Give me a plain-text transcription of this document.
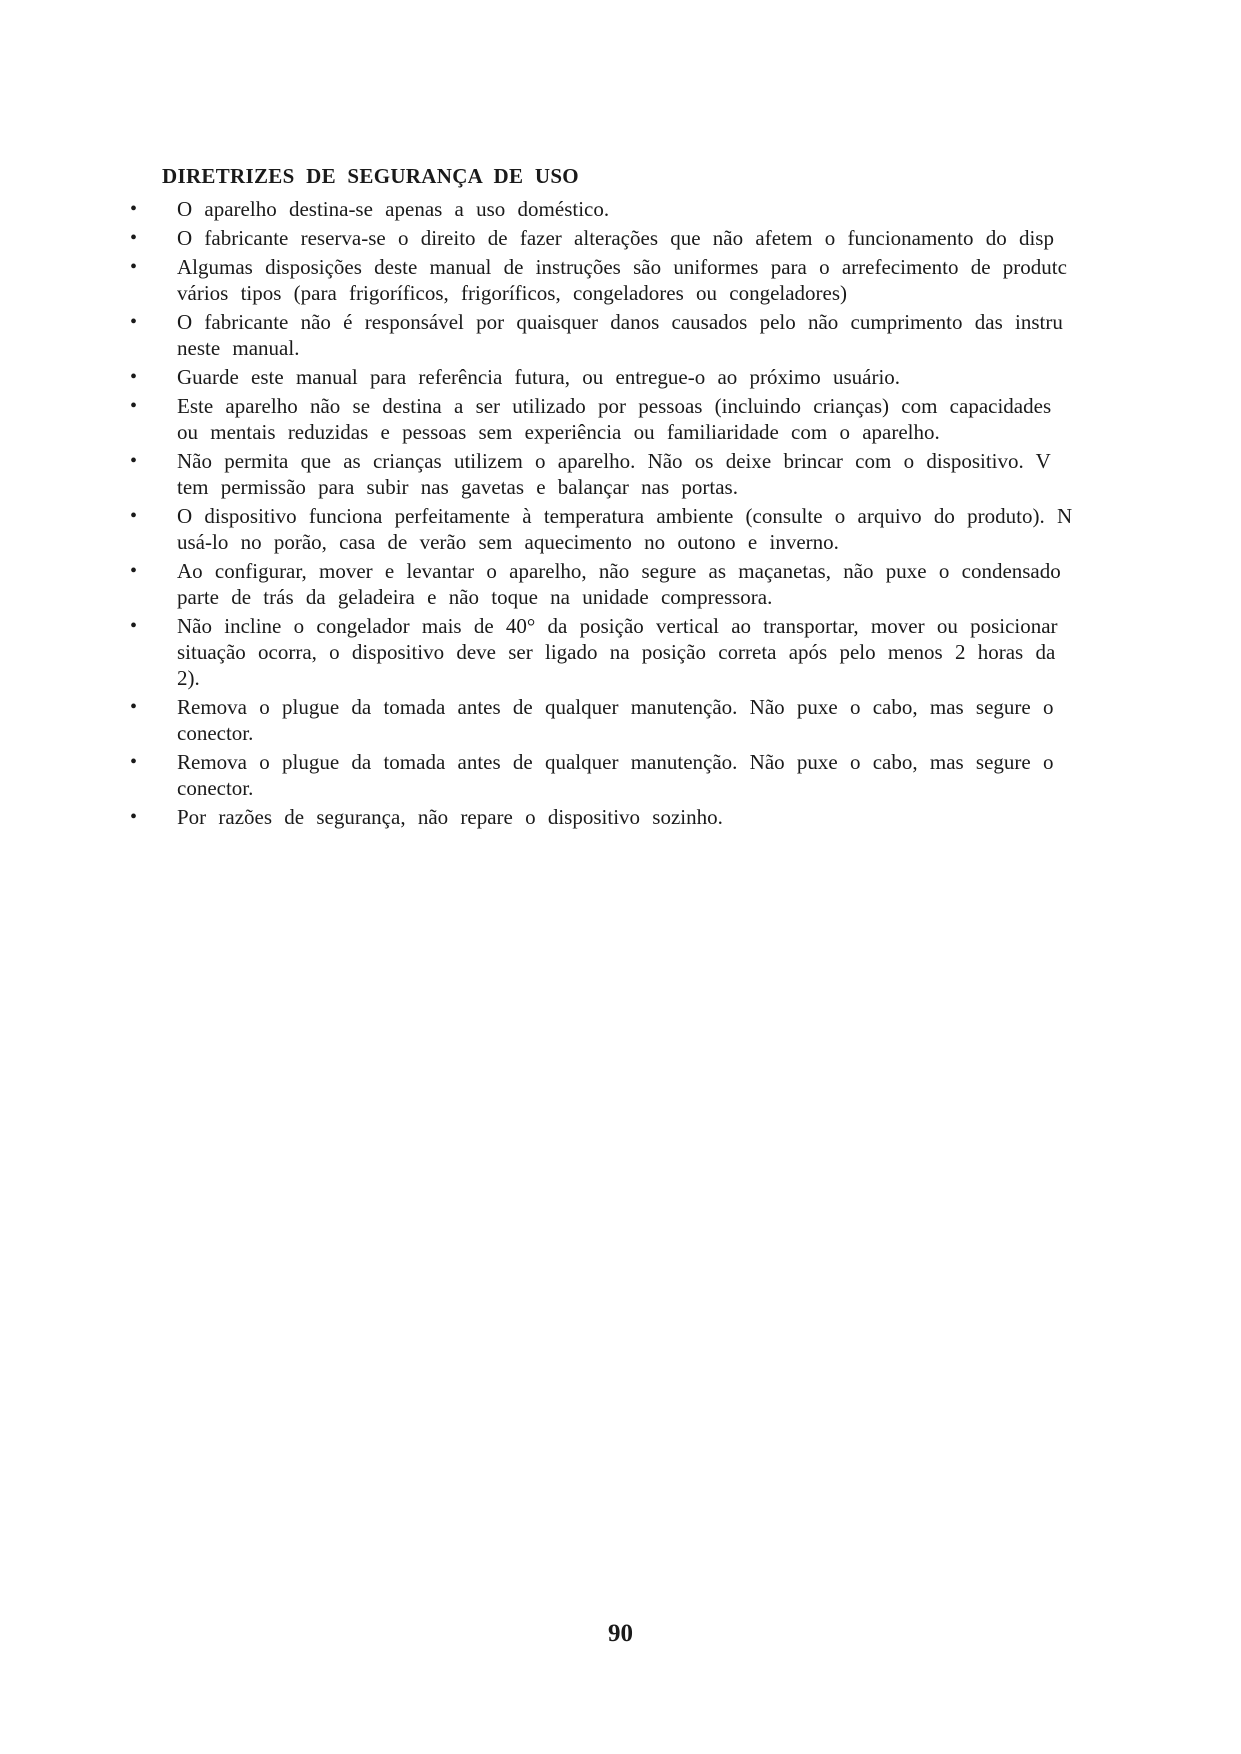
DIRETRIZES DE SEGURANÇA DE USO
• O aparelho destina-se apenas a uso doméstico.
• O fabricante reserva-se o direito de fazer alterações que não afetem o funcionamento do disp
• Algumas disposições deste manual de instruções são uniformes para o arrefecimento de produtc
vários tipos (para frigoríficos, frigoríficos, congeladores ou congeladores)
• O fabricante não é responsável por quaisquer danos causados pelo não cumprimento das instru
neste manual.
• Guarde este manual para referência futura, ou entregue-o ao próximo usuário.
• Este aparelho não se destina a ser utilizado por pessoas (incluindo crianças) com capacidades
ou mentais reduzidas e pessoas sem experiência ou familiaridade com o aparelho.
• Não permita que as crianças utilizem o aparelho. Não os deixe brincar com o dispositivo. V
tem permissão para subir nas gavetas e balançar nas portas.
• O dispositivo funciona perfeitamente à temperatura ambiente (consulte o arquivo do produto). N
usá-lo no porão, casa de verão sem aquecimento no outono e inverno.
• Ao configurar, mover e levantar o aparelho, não segure as maçanetas, não puxe o condensado
parte de trás da geladeira e não toque na unidade compressora.
• Não incline o congelador mais de 40° da posição vertical ao transportar, mover ou posicionar
situação ocorra, o dispositivo deve ser ligado na posição correta após pelo menos 2 horas da
2).
• Remova o plugue da tomada antes de qualquer manutenção. Não puxe o cabo, mas segure o
conector.
• Remova o plugue da tomada antes de qualquer manutenção. Não puxe o cabo, mas segure o
conector.
• Por razões de segurança, não repare o dispositivo sozinho.
90
